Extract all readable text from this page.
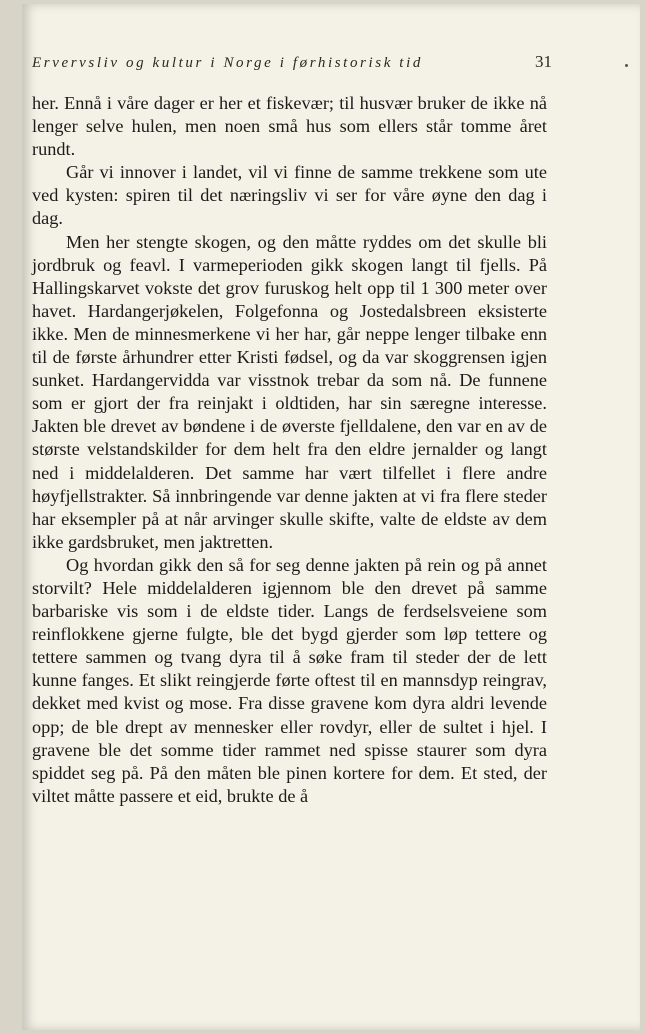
Ervervsliv og kultur i Norge i førhistorisk tid	31

her. Ennå i våre dager er her et fiskevær; til husvær bruker de ikke nå lenger selve hulen, men noen små hus som ellers står tomme året rundt.

Går vi innover i landet, vil vi finne de samme trekkene som ute ved kysten: spiren til det næringsliv vi ser for våre øyne den dag i dag.

Men her stengte skogen, og den måtte ryddes om det skulle bli jordbruk og feavl. I varmeperioden gikk skogen langt til fjells. På Hallingskarvet vokste det grov furuskog helt opp til 1 300 meter over havet. Hardangerjøkelen, Folgefonna og Jostedalsbreen eksisterte ikke. Men de minnesmerkene vi her har, går neppe lenger tilbake enn til de første århundrer etter Kristi fødsel, og da var skoggrensen igjen sunket. Hardangervidda var visstnok trebar da som nå. De funnene som er gjort der fra reinjakt i oldtiden, har sin særegne interesse. Jakten ble drevet av bøndene i de øverste fjelldalene, den var en av de største velstandskilder for dem helt fra den eldre jernalder og langt ned i middelalderen. Det samme har vært tilfellet i flere andre høyfjellstrakter. Så innbringende var denne jakten at vi fra flere steder har eksempler på at når arvinger skulle skifte, valte de eldste av dem ikke gardsbruket, men jaktretten.

Og hvordan gikk den så for seg denne jakten på rein og på annet storvilt? Hele middelalderen igjennom ble den drevet på samme barbariske vis som i de eldste tider. Langs de ferdselsveiene som reinflokkene gjerne fulgte, ble det bygd gjerder som løp tettere og tettere sammen og tvang dyra til å søke fram til steder der de lett kunne fanges. Et slikt reingjerde førte oftest til en mannsdyp reingrav, dekket med kvist og mose. Fra disse gravene kom dyra aldri levende opp; de ble drept av mennesker eller rovdyr, eller de sultet i hjel. I gravene ble det somme tider rammet ned spisse staurer som dyra spiddet seg på. På den måten ble pinen kortere for dem. Et sted, der viltet måtte passere et eid, brukte de å
